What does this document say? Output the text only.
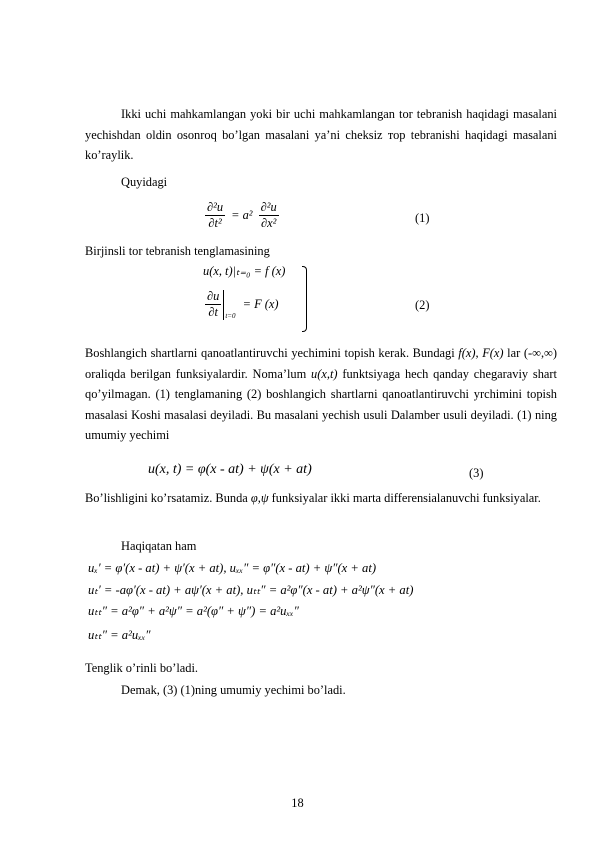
Ikki uchi mahkamlangan yoki bir uchi mahkamlangan tor tebranish haqidagi masalani yechishdan oldin osonroq bo’lgan masalani ya’ni cheksiz тор tebranishi haqidagi masalani ko’raylik.
Quyidagi
$\frac{\text{∂²u}}{\text{∂t²}} = a^2 \frac{\text{∂²u}}{\text{∂x²}}$	(1)
Birjinsli tor tebranish tenglamasining
u(x, t)|ₜ₌₀ = f (x)
$\frac{\partial u}{\partial t} t=0 = F$ (x)	(2)
Boshlangich shartlarni qanoatlantiruvchi yechimini topish kerak. Bundagi f(x), F(x) lar (-∞,∞) oraliqda berilgan funksiyalardir. Noma’lum u(x,t) funktsiyaga hech qanday chegaraviy shart qo’yilmagan. (1) tenglamaning (2) boshlangich shartlarni qanoatlantiruvchi yrchimini topish masalasi Koshi masalasi deyiladi. Bu masalani yechish usuli Dalamber usuli deyiladi. (1) ning umumiy yechimi
u(x, t) = φ(x - at) + ψ(x + at)	(3)
Bo’lishligini ko’rsatamiz. Bunda φ,ψ funksiyalar ikki marta differensialanuvchi funksiyalar.
Haqiqatan ham
uₓ′ = φ′(x - at) + ψ′(x + at), uₓₓ″ = φ″(x - at) + ψ″(x + at)
uₜ′ = -aφ′(x - at) + aψ′(x + at), uₜₜ″ = a²φ″(x - at) + a²ψ″(x + at)
uₜₜ″ = a²φ″ + a²ψ″ = a²(φ″ + ψ″) = a²uₓₓ″
uₜₜ″ = a²uₓₓ″
Tenglik o’rinli bo’ladi.
Demak, (3) (1)ning umumiy yechimi bo’ladi.
18
